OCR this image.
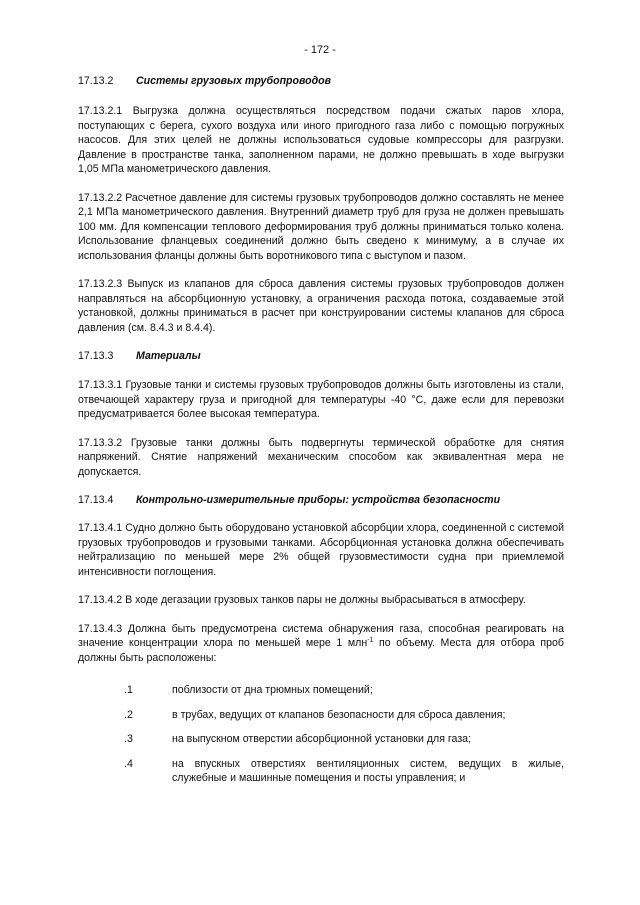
- 172 -
17.13.2 Системы грузовых трубопроводов

17.13.2.1 Выгрузка должна осуществляться посредством подачи сжатых паров хлора, поступающих с берега, сухого воздуха или иного пригодного газа либо с помощью погружных насосов. Для этих целей не должны использоваться судовые компрессоры для разгрузки. Давление в пространстве танка, заполненном парами, не должно превышать в ходе выгрузки 1,05 МПа манометрического давления.

17.13.2.2 Расчетное давление для системы грузовых трубопроводов должно составлять не менее 2,1 МПа манометрического давления. Внутренний диаметр труб для груза не должен превышать 100 мм. Для компенсации теплового деформирования труб должны приниматься только колена. Использование фланцевых соединений должно быть сведено к минимуму, а в случае их использования фланцы должны быть воротникового типа с выступом и пазом.

17.13.2.3 Выпуск из клапанов для сброса давления системы грузовых трубопроводов должен направляться на абсорбционную установку, а ограничения расхода потока, создаваемые этой установкой, должны приниматься в расчет при конструировании системы клапанов для сброса давления (см. 8.4.3 и 8.4.4).

17.13.3 Материалы

17.13.3.1 Грузовые танки и системы грузовых трубопроводов должны быть изготовлены из стали, отвечающей характеру груза и пригодной для температуры -40 °С, даже если для перевозки предусматривается более высокая температура.

17.13.3.2 Грузовые танки должны быть подвергнуты термической обработке для снятия напряжений. Снятие напряжений механическим способом как эквивалентная мера не допускается.

17.13.4 Контрольно-измерительные приборы: устройства безопасности

17.13.4.1 Судно должно быть оборудовано установкой абсорбции хлора, соединенной с системой грузовых трубопроводов и грузовыми танками. Абсорбционная установка должна обеспечивать нейтрализацию по меньшей мере 2% общей грузовместимости судна при приемлемой интенсивности поглощения.

17.13.4.2 В ходе дегазации грузовых танков пары не должны выбрасываться в атмосферу.

17.13.4.3 Должна быть предусмотрена система обнаружения газа, способная реагировать на значение концентрации хлора по меньшей мере 1 млн$^{-1}$ по объему. Места для отбора проб должны быть расположены:

.1	поблизости от дна трюмных помещений;
.2	в трубах, ведущих от клапанов безопасности для сброса давления;
.3	на выпускном отверстии абсорбционной установки для газа;
.4	на впускных отверстиях вентиляционных систем, ведущих в жилые, служебные и машинные помещения и посты управления; и
